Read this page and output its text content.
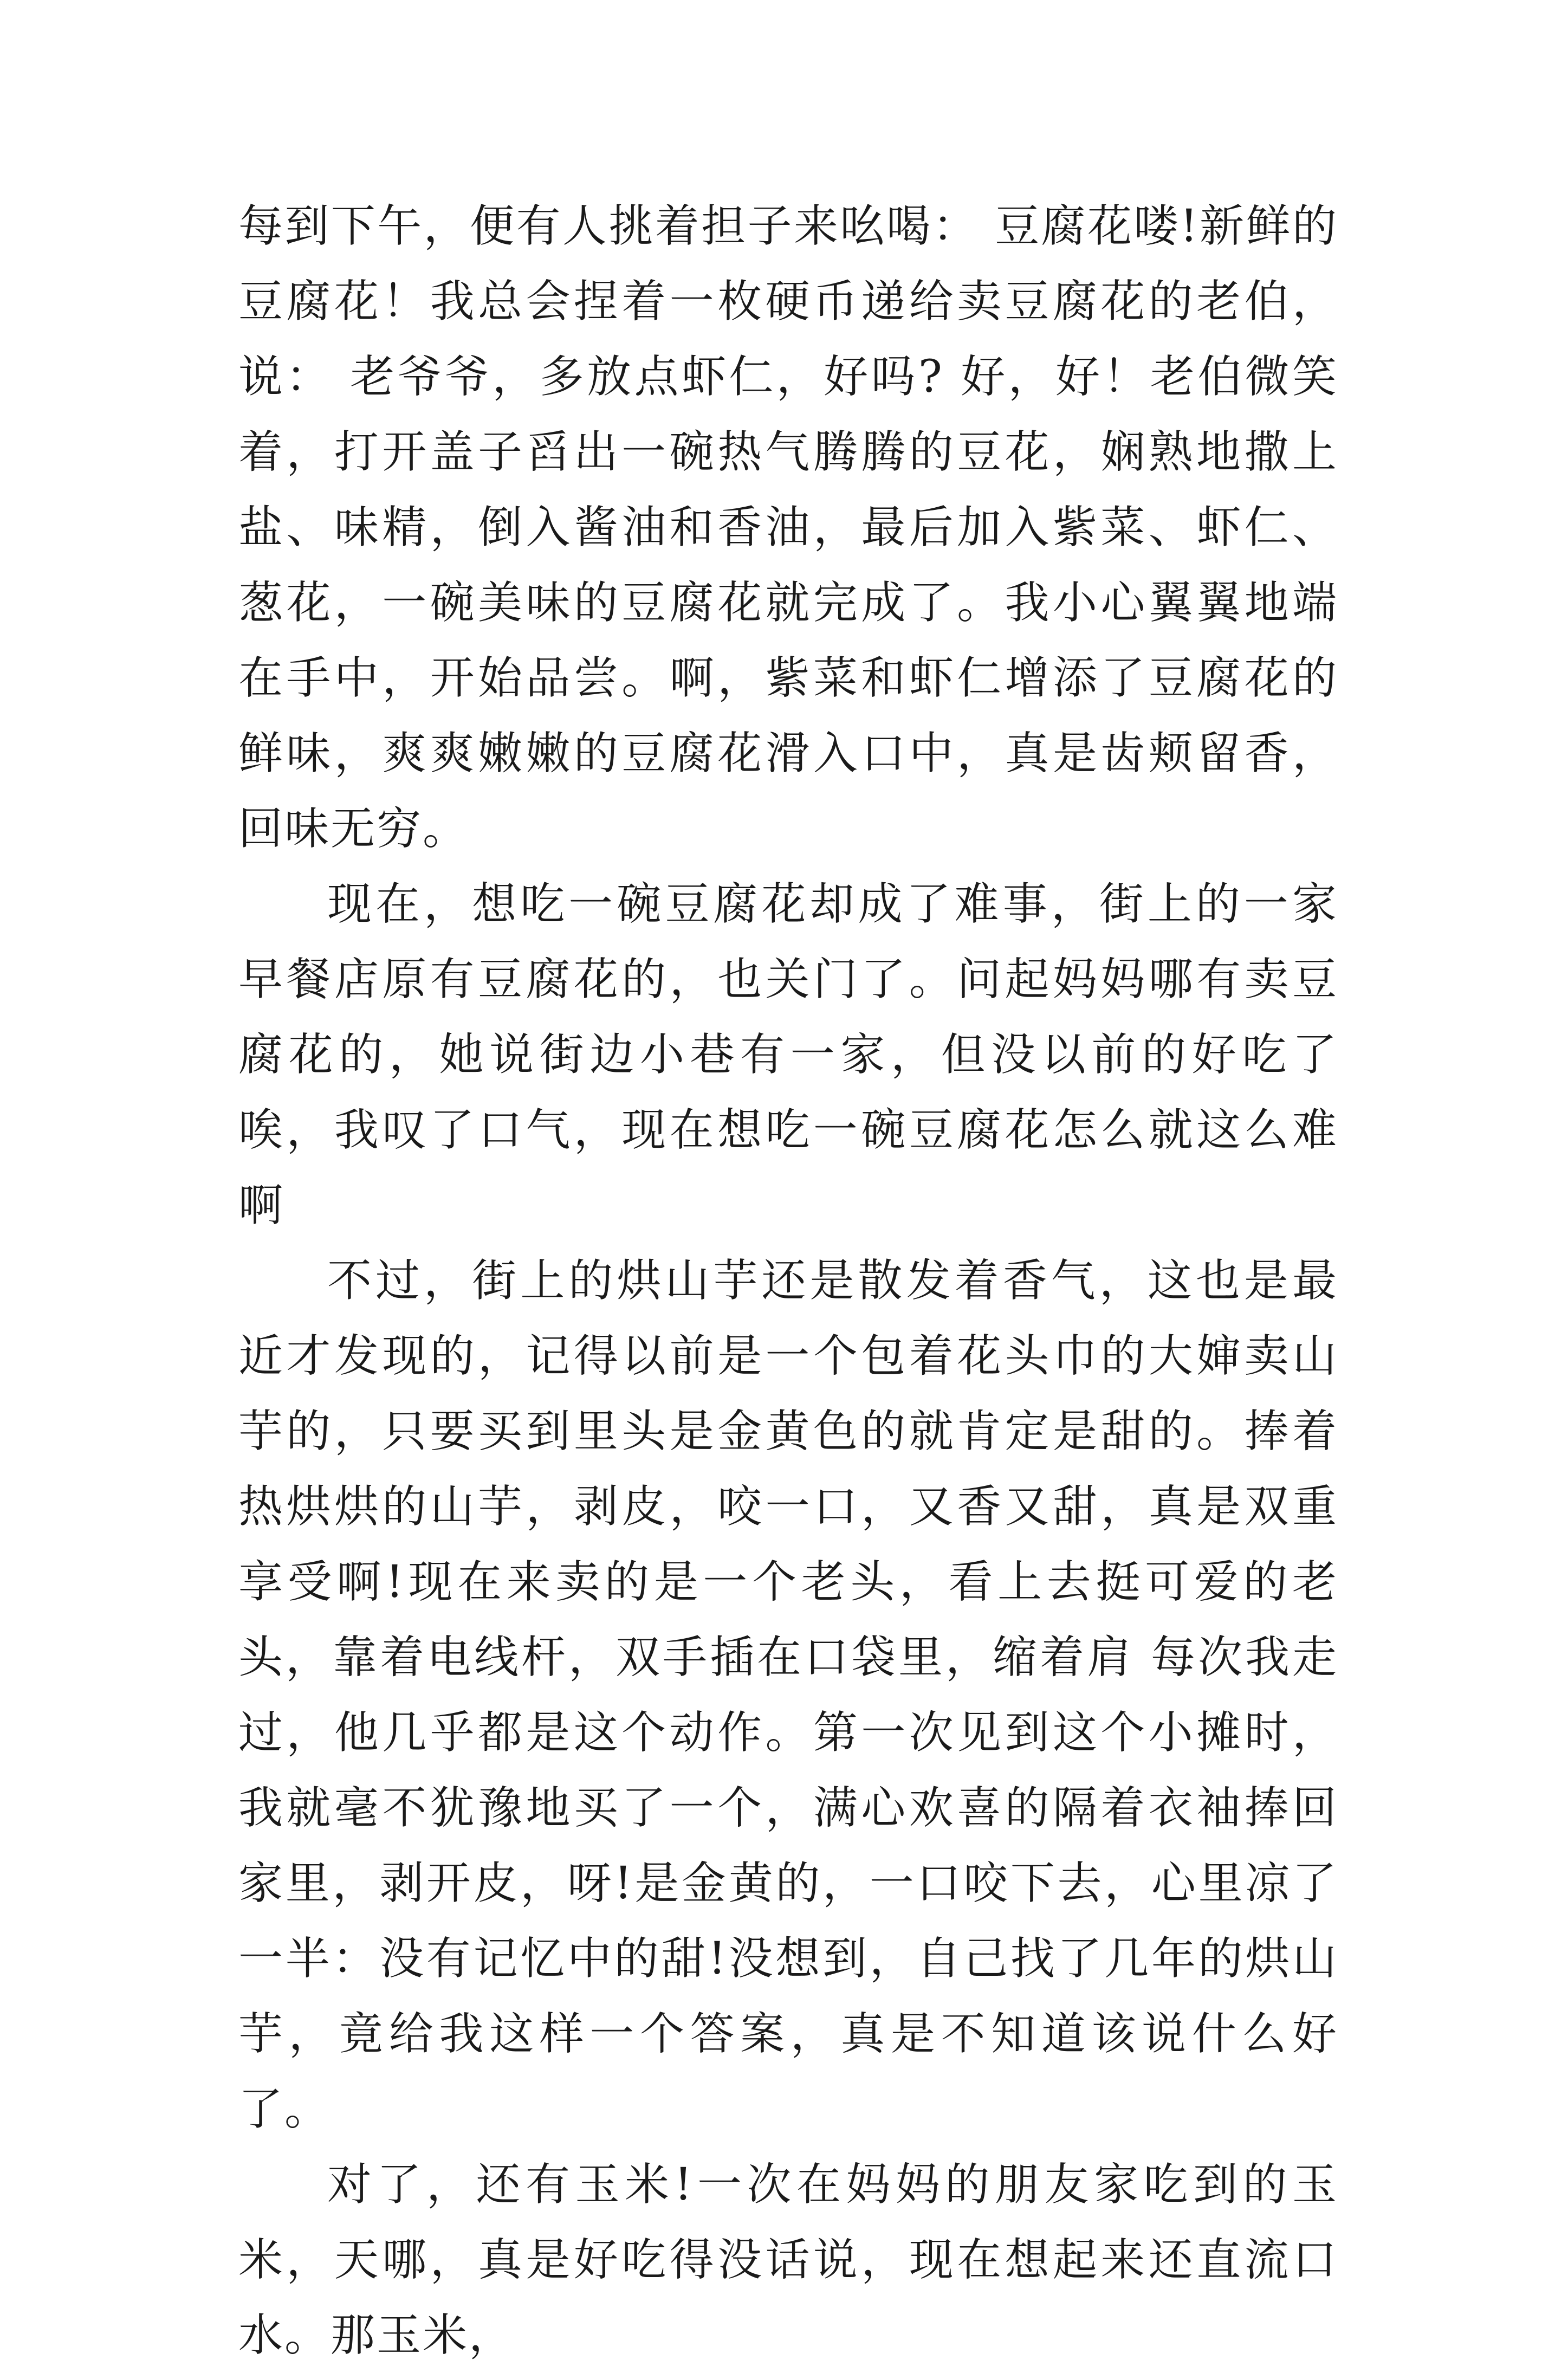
每到下午，便有人挑着担子来吆喝： 豆腐花喽!新鲜的豆腐花！我总会捏着一枚硬币递给卖豆腐花的老伯，说： 老爷爷，多放点虾仁，好吗? 好，好！老伯微笑着，打开盖子舀出一碗热气腾腾的豆花，娴熟地撒上盐、味精，倒入酱油和香油，最后加入紫菜、虾仁、葱花，一碗美味的豆腐花就完成了。我小心翼翼地端在手中，开始品尝。啊，紫菜和虾仁增添了豆腐花的鲜味，爽爽嫩嫩的豆腐花滑入口中，真是齿颊留香，回味无穷。

现在，想吃一碗豆腐花却成了难事，街上的一家早餐店原有豆腐花的，也关门了。问起妈妈哪有卖豆腐花的，她说街边小巷有一家，但没以前的好吃了 唉，我叹了口气，现在想吃一碗豆腐花怎么就这么难啊

不过，街上的烘山芋还是散发着香气，这也是最近才发现的，记得以前是一个包着花头巾的大婶卖山芋的，只要买到里头是金黄色的就肯定是甜的。捧着热烘烘的山芋，剥皮，咬一口，又香又甜，真是双重享受啊!现在来卖的是一个老头，看上去挺可爱的老头，靠着电线杆，双手插在口袋里，缩着肩 每次我走过，他几乎都是这个动作。第一次见到这个小摊时，我就毫不犹豫地买了一个，满心欢喜的隔着衣袖捧回家里，剥开皮，呀!是金黄的，一口咬下去，心里凉了一半：没有记忆中的甜!没想到，自己找了几年的烘山芋，竟给我这样一个答案，真是不知道该说什么好了。

对了，还有玉米!一次在妈妈的朋友家吃到的玉米，天哪，真是好吃得没话说，现在想起来还直流口水。那玉米，
